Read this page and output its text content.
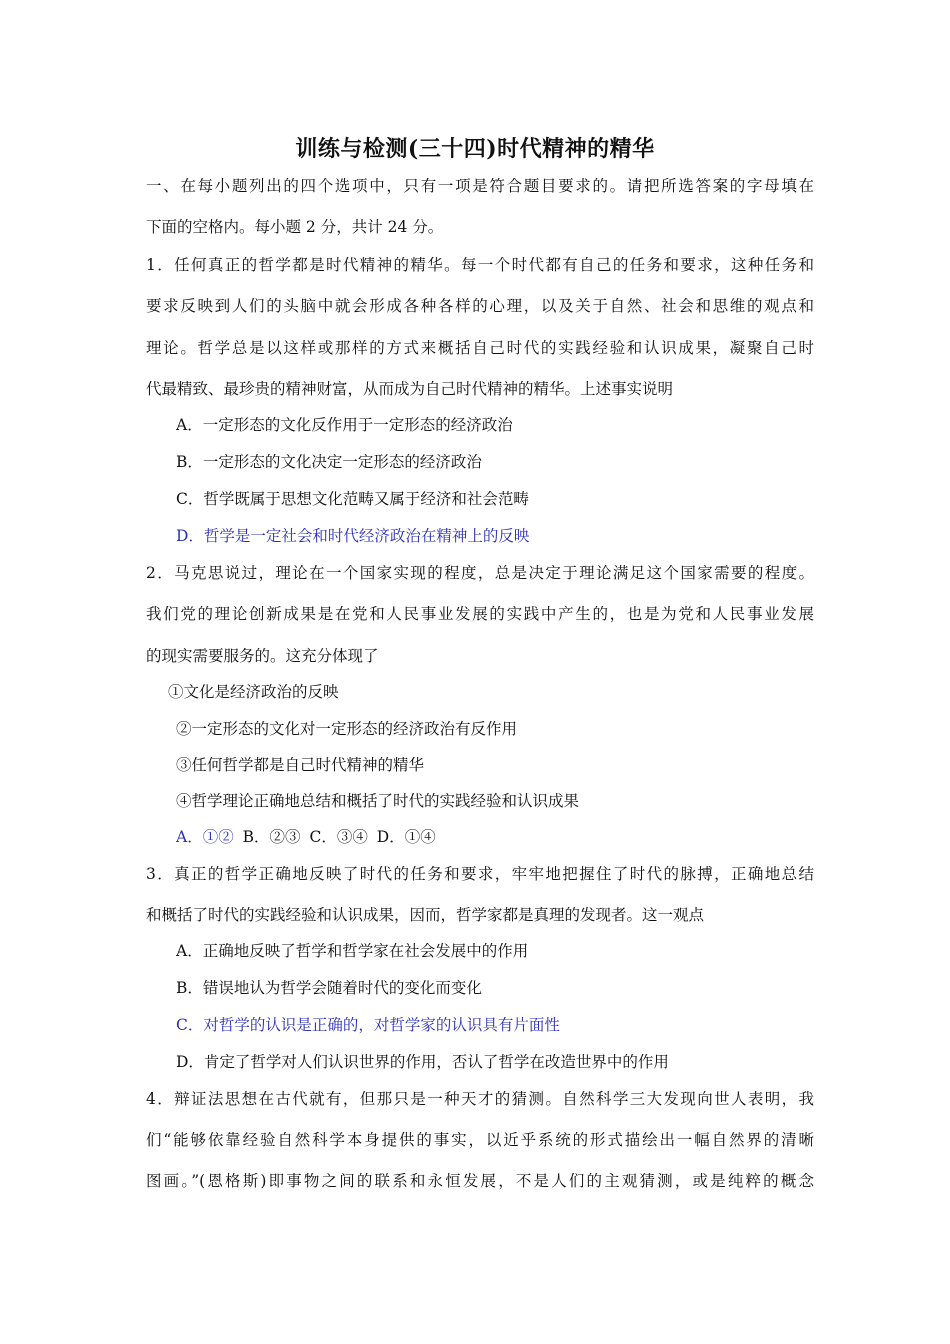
训练与检测(三十四)时代精神的精华
一、在每小题列出的四个选项中，只有一项是符合题目要求的。请把所选答案的字母填在
下面的空格内。每小题 2 分，共计 24 分。
1．任何真正的哲学都是时代精神的精华。每一个时代都有自己的任务和要求，这种任务和
要求反映到人们的头脑中就会形成各种各样的心理，以及关于自然、社会和思维的观点和
理论。哲学总是以这样或那样的方式来概括自己时代的实践经验和认识成果，凝聚自己时
代最精致、最珍贵的精神财富，从而成为自己时代精神的精华。上述事实说明
A．一定形态的文化反作用于一定形态的经济政治
B．一定形态的文化决定一定形态的经济政治
C．哲学既属于思想文化范畴又属于经济和社会范畴
D．哲学是一定社会和时代经济政治在精神上的反映
2．马克思说过，理论在一个国家实现的程度，总是决定于理论满足这个国家需要的程度。
我们党的理论创新成果是在党和人民事业发展的实践中产生的，也是为党和人民事业发展
的现实需要服务的。这充分体现了
①文化是经济政治的反映
②一定形态的文化对一定形态的经济政治有反作用
③任何哲学都是自己时代精神的精华
④哲学理论正确地总结和概括了时代的实践经验和认识成果
A．①② B．②③ C．③④ D．①④
3．真正的哲学正确地反映了时代的任务和要求，牢牢地把握住了时代的脉搏，正确地总结
和概括了时代的实践经验和认识成果，因而，哲学家都是真理的发现者。这一观点
A．正确地反映了哲学和哲学家在社会发展中的作用
B．错误地认为哲学会随着时代的变化而变化
C．对哲学的认识是正确的，对哲学家的认识具有片面性
D．肯定了哲学对人们认识世界的作用，否认了哲学在改造世界中的作用
4．辩证法思想在古代就有，但那只是一种天才的猜测。自然科学三大发现向世人表明，我
们“能够依靠经验自然科学本身提供的事实，以近乎系统的形式描绘出一幅自然界的清晰
图画。”(恩格斯)即事物之间的联系和永恒发展，不是人们的主观猜测，或是纯粹的概念
